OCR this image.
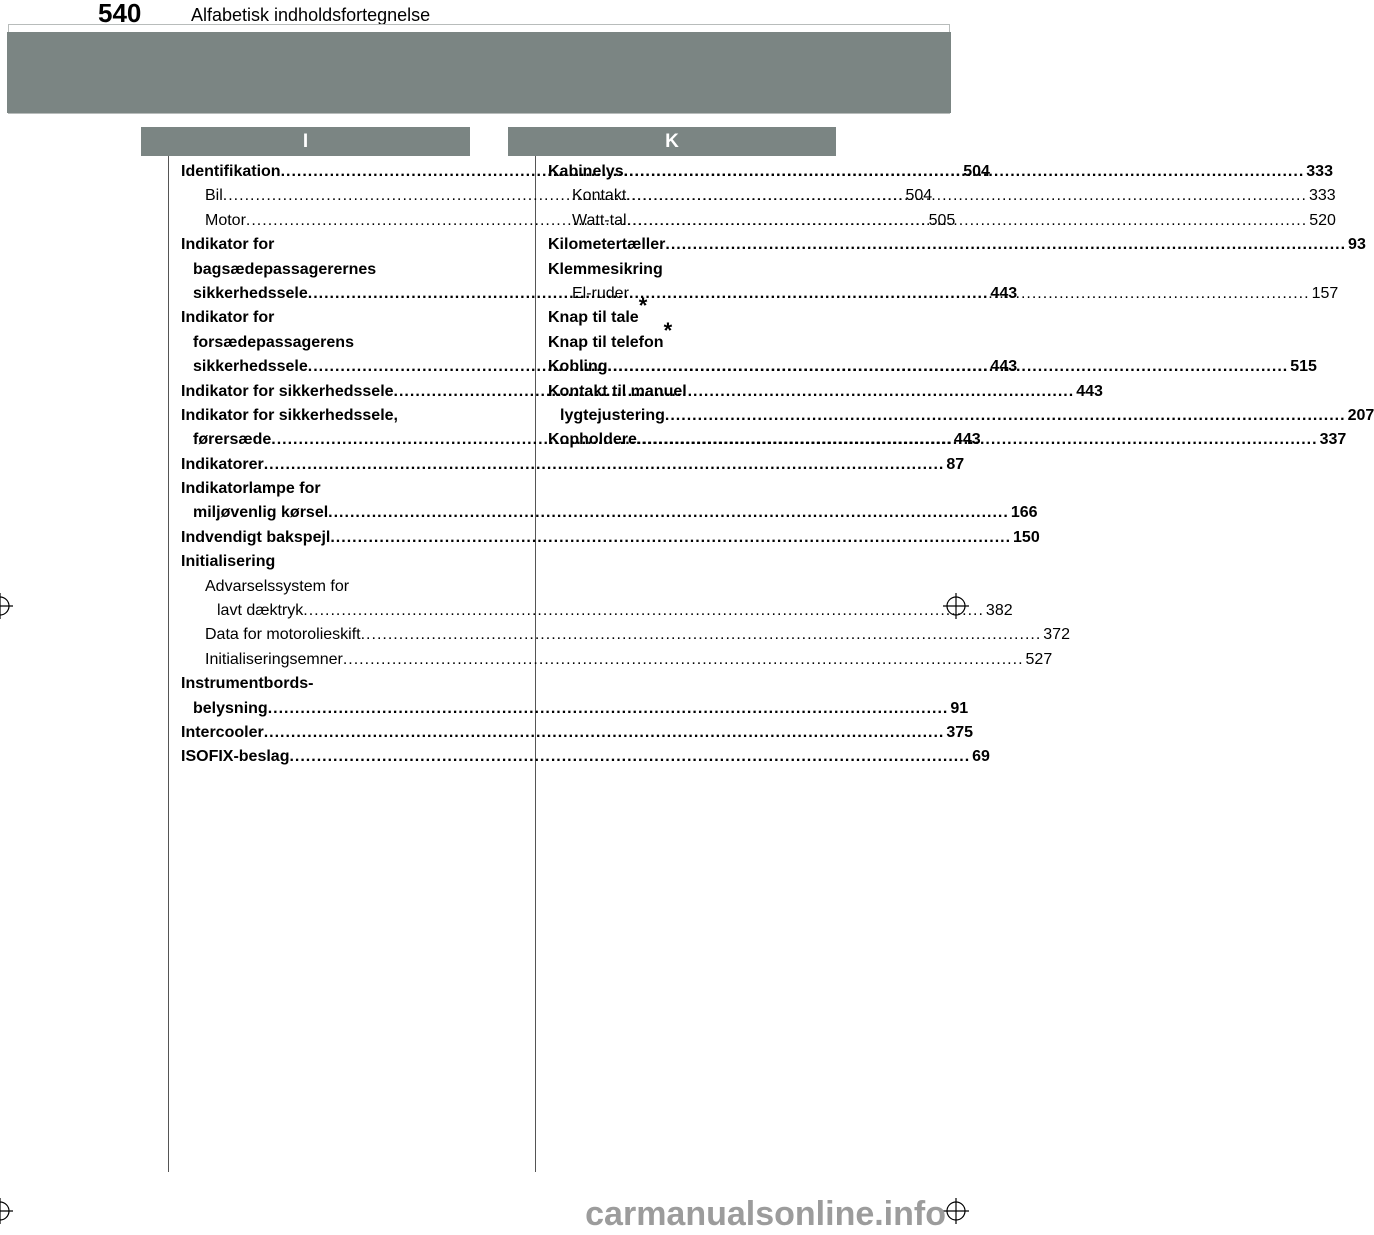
540	Alfabetisk indholdsfortegnelse
I	K
Identifikation .....	504
Bil .....	504
Motor .....	505
Indikator for
bagsædepassagerernes
sikkerhedssele .....	443
Indikator for
forsædepassagerens
sikkerhedssele .....	443
Indikator for sikkerhedssele .....	443
Indikator for sikkerhedssele,
førersæde .....	443
Indikatorer .....	87
Indikatorlampe for
miljøvenlig kørsel .....	166
Indvendigt bakspejl .....	150
Initialisering
Advarselssystem for
lavt dæktryk .....	382
Data for motorolieskift .....	372
Initialiseringsemner .....	527
Instrumentbords-
belysning .....	91
Intercooler .....	375
ISOFIX-beslag .....	69
Kabinelys .....	333
Kontakt .....	333
Watt-tal .....	520
Kilometertæller .....	93
Klemmesikring
El-ruder .....	157
Knap til tale *
Knap til telefon *
Kobling .....	515
Kontakt til manuel
lygtejustering .....	207
Kopholdere .....	337
carmanualsonline.info
